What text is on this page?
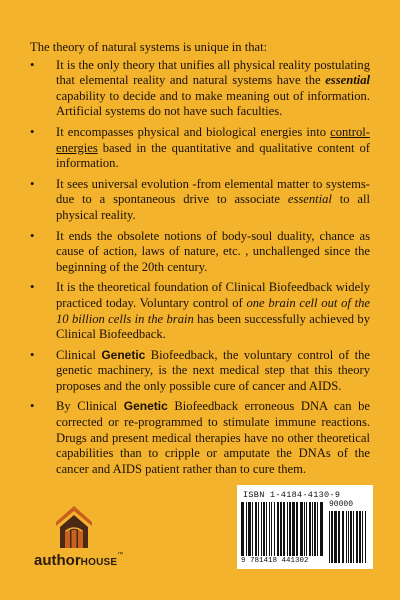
The theory of natural systems is unique in that:

•	It is the only theory that unifies all physical reality postulating that elemental reality and natural systems have the essential capability to decide and to make meaning out of information. Artificial systems do not have such faculties.
•	It encompasses physical and biological energies into control-energies based in the quantitative and qualitative content of information.
•	It sees universal evolution -from elemental matter to systems- due to a spontaneous drive to associate essential to all physical reality.
•	It ends the obsolete notions of body-soul duality, chance as cause of action, laws of nature, etc. , unchallenged since the beginning of the 20th century.
•	It is the theoretical foundation of Clinical Biofeedback widely practiced today. Voluntary control of one brain cell out of the 10 billion cells in the brain has been successfully achieved by Clinical Biofeedback.
•	Clinical Genetic Biofeedback, the voluntary control of the genetic machinery, is the next medical step that this theory proposes and the only possible cure of cancer and AIDS.
•	By Clinical Genetic Biofeedback erroneous DNA can be corrected or re-programmed to stimulate immune reactions. Drugs and present medical therapies have no other theoretical capabilities than to cripple or amputate the DNAs of the cancer and AIDS patient rather than to cure them.
authorHOUSE™
ISBN 1-4184-4130-9
9 781418 441302
90000
